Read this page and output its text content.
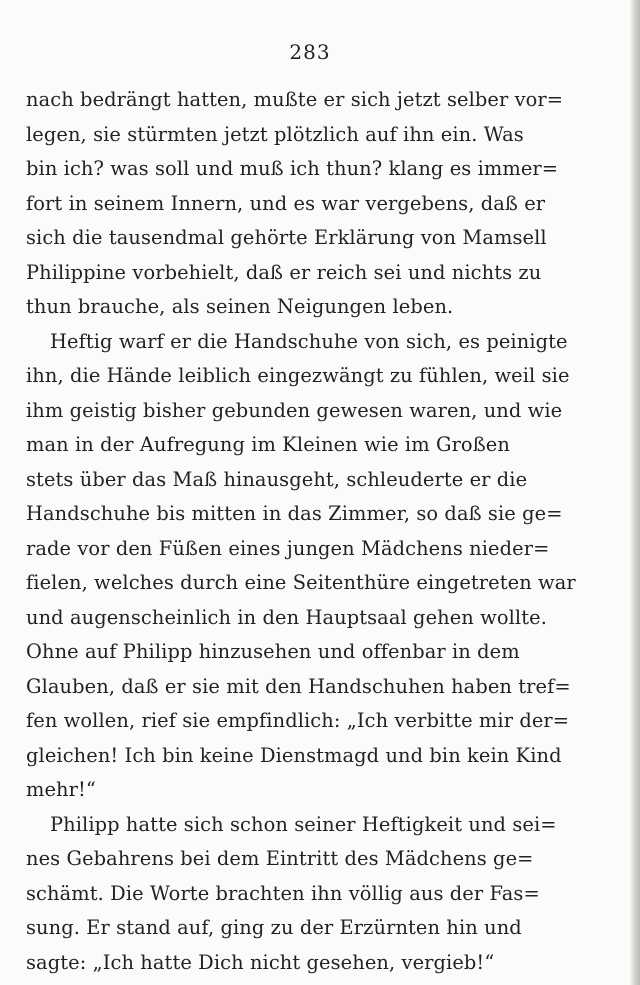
283
nach bedrängt hatten, mußte er sich jetzt selber vor=
legen, sie stürmten jetzt plötzlich auf ihn ein. Was
bin ich? was soll und muß ich thun? klang es immer=
fort in seinem Innern, und es war vergebens, daß er
sich die tausendmal gehörte Erklärung von Mamsell
Philippine vorbehielt, daß er reich sei und nichts zu
thun brauche, als seinen Neigungen leben.
Heftig warf er die Handschuhe von sich, es peinigte
ihn, die Hände leiblich eingezwängt zu fühlen, weil sie
ihm geistig bisher gebunden gewesen waren, und wie
man in der Aufregung im Kleinen wie im Großen
stets über das Maß hinausgeht, schleuderte er die
Handschuhe bis mitten in das Zimmer, so daß sie ge=
rade vor den Füßen eines jungen Mädchens nieder=
fielen, welches durch eine Seitenthüre eingetreten war
und augenscheinlich in den Hauptsaal gehen wollte.
Ohne auf Philipp hinzusehen und offenbar in dem
Glauben, daß er sie mit den Handschuhen haben tref=
fen wollen, rief sie empfindlich: „Ich verbitte mir der=
gleichen! Ich bin keine Dienstmagd und bin kein Kind
mehr!“
Philipp hatte sich schon seiner Heftigkeit und sei=
nes Gebahrens bei dem Eintritt des Mädchens ge=
schämt. Die Worte brachten ihn völlig aus der Fas=
sung. Er stand auf, ging zu der Erzürnten hin und
sagte: „Ich hatte Dich nicht gesehen, vergieb!“
